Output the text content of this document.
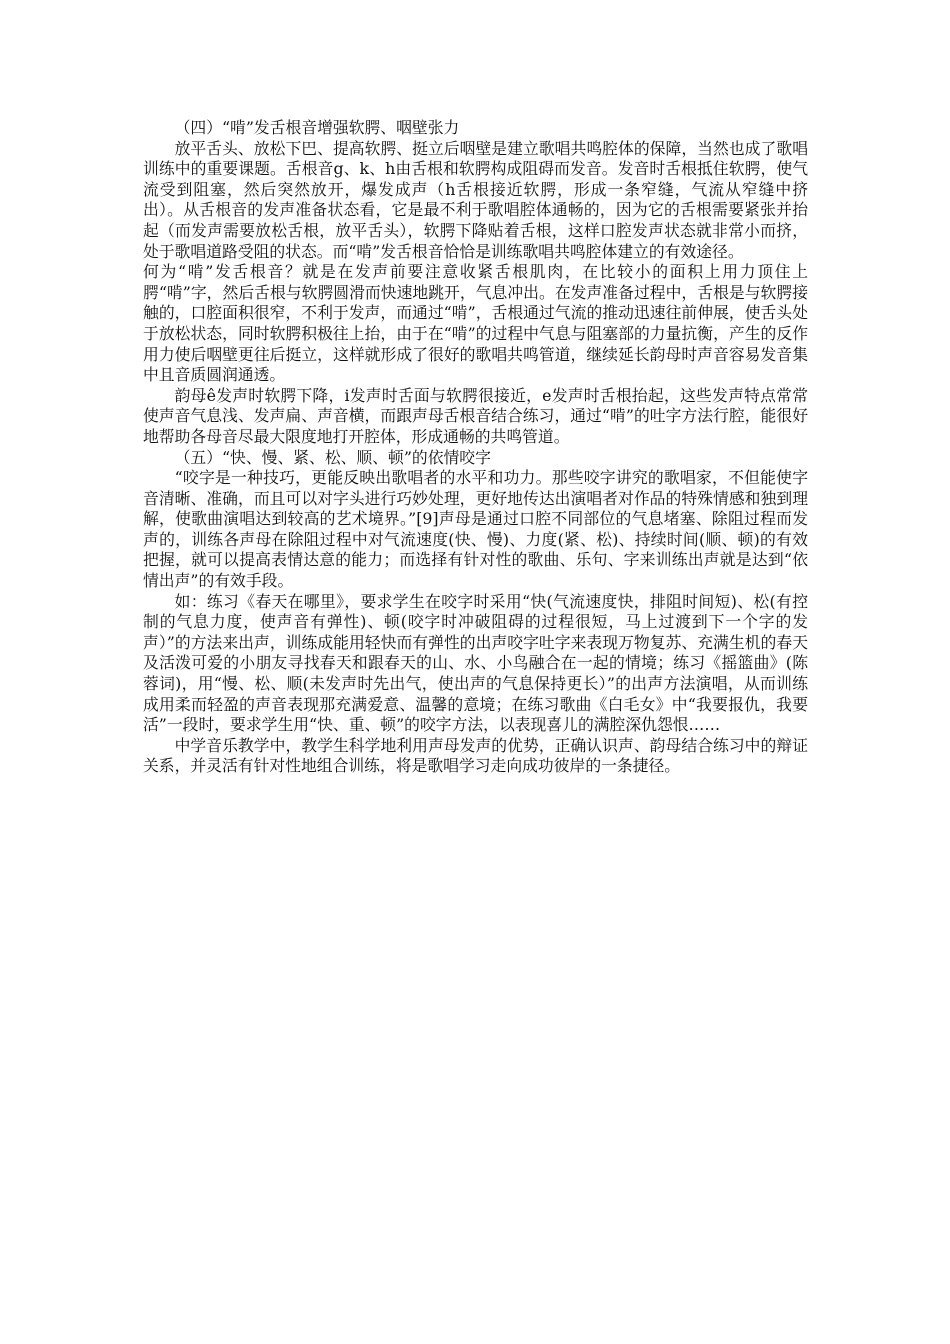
（四）“啃”发舌根音增强软腭、咽壁张力

放平舌头、放松下巴、提高软腭、挺立后咽壁是建立歌唱共鸣腔体的保障，当然也成了歌唱训练中的重要课题。舌根音g、k、h由舌根和软腭构成阻碍而发音。发音时舌根抵住软腭，使气流受到阻塞，然后突然放开，爆发成声（h舌根接近软腭，形成一条窄缝，气流从窄缝中挤出）。从舌根音的发声准备状态看，它是最不利于歌唱腔体通畅的，因为它的舌根需要紧张并抬起（而发声需要放松舌根，放平舌头），软腭下降贴着舌根，这样口腔发声状态就非常小而挤，处于歌唱道路受阻的状态。而“啃”发舌根音恰恰是训练歌唱共鸣腔体建立的有效途径。

何为“啃”发舌根音？就是在发声前要注意收紧舌根肌肉，在比较小的面积上用力顶住上腭“啃”字，然后舌根与软腭圆滑而快速地跳开，气息冲出。在发声准备过程中，舌根是与软腭接触的，口腔面积很窄，不利于发声，而通过“啃”，舌根通过气流的推动迅速往前伸展，使舌头处于放松状态，同时软腭积极往上抬，由于在“啃”的过程中气息与阻塞部的力量抗衡，产生的反作用力使后咽壁更往后挺立，这样就形成了很好的歌唱共鸣管道，继续延长韵母时声音容易发音集中且音质圆润通透。

韵母ê发声时软腭下降，i发声时舌面与软腭很接近，e发声时舌根抬起，这些发声特点常常使声音气息浅、发声扁、声音横，而跟声母舌根音结合练习，通过“啃”的吐字方法行腔，能很好地帮助各母音尽最大限度地打开腔体，形成通畅的共鸣管道。

（五）“快、慢、紧、松、顺、顿”的依情咬字

“咬字是一种技巧，更能反映出歌唱者的水平和功力。那些咬字讲究的歌唱家，不但能使字音清晰、准确，而且可以对字头进行巧妙处理，更好地传达出演唱者对作品的特殊情感和独到理解，使歌曲演唱达到较高的艺术境界。”[9]声母是通过口腔不同部位的气息堵塞、除阻过程而发声的，训练各声母在除阻过程中对气流速度(快、慢)、力度(紧、松)、持续时间(顺、顿)的有效把握，就可以提高表情达意的能力；而选择有针对性的歌曲、乐句、字来训练出声就是达到“依情出声”的有效手段。

如：练习《春天在哪里》，要求学生在咬字时采用“快(气流速度快，排阻时间短)、松(有控制的气息力度，使声音有弹性)、顿(咬字时冲破阻碍的过程很短，马上过渡到下一个字的发声）”的方法来出声，训练成能用轻快而有弹性的出声咬字吐字来表现万物复苏、充满生机的春天及活泼可爱的小朋友寻找春天和跟春天的山、水、小鸟融合在一起的情境；练习《摇篮曲》(陈蓉词)，用“慢、松、顺(未发声时先出气，使出声的气息保持更长）”的出声方法演唱，从而训练成用柔而轻盈的声音表现那充满爱意、温馨的意境；在练习歌曲《白毛女》中“我要报仇，我要活”一段时，要求学生用“快、重、顿”的咬字方法，以表现喜儿的满腔深仇怨恨……

中学音乐教学中，教学生科学地利用声母发声的优势，正确认识声、韵母结合练习中的辩证关系，并灵活有针对性地组合训练，将是歌唱学习走向成功彼岸的一条捷径。
